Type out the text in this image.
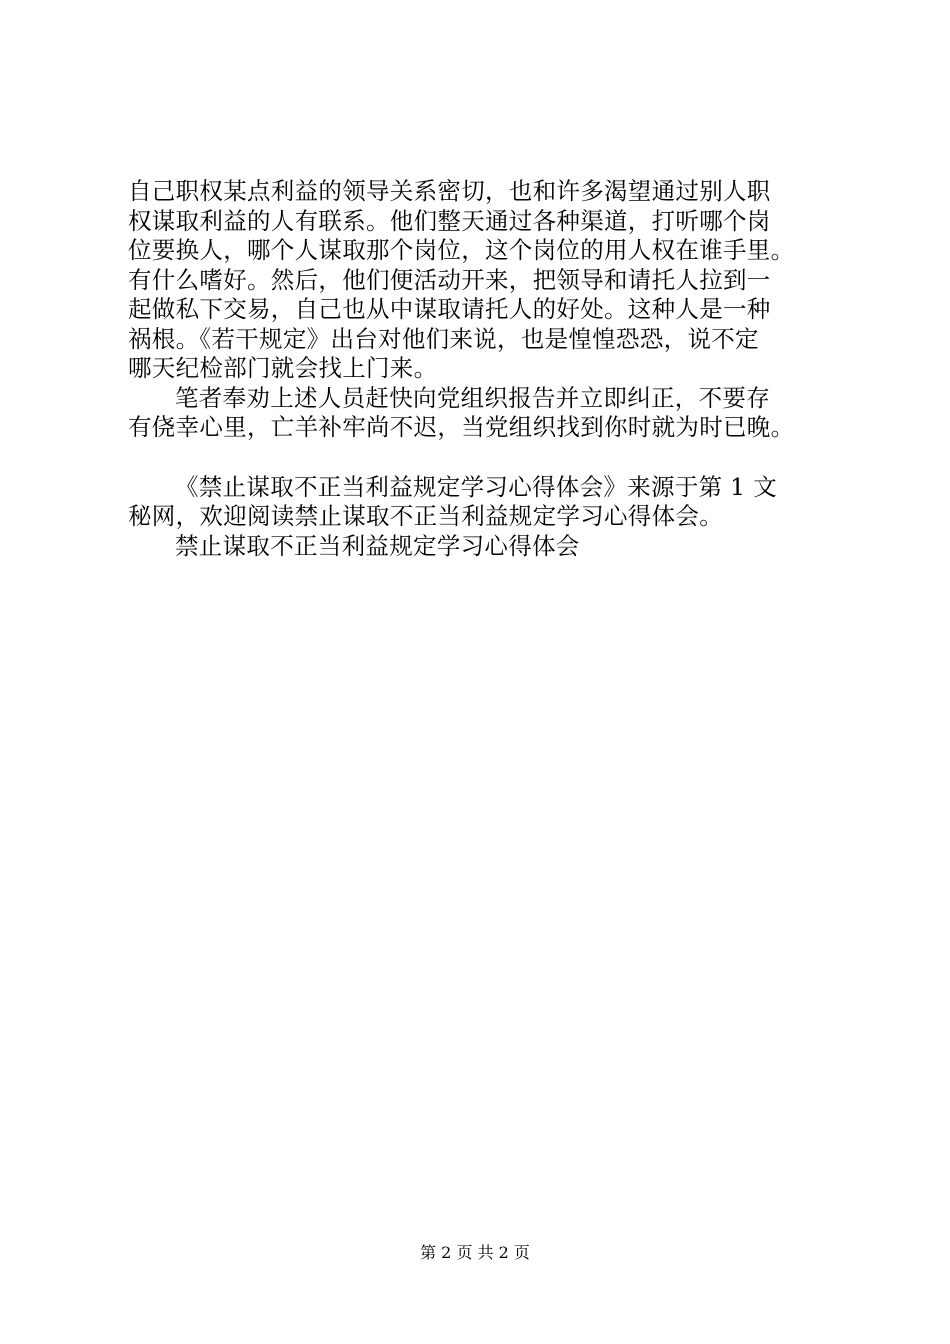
自己职权某点利益的领导关系密切，也和许多渴望通过别人职
权谋取利益的人有联系。他们整天通过各种渠道，打听哪个岗
位要换人，哪个人谋取那个岗位，这个岗位的用人权在谁手里。
有什么嗜好。然后，他们便活动开来，把领导和请托人拉到一
起做私下交易，自己也从中谋取请托人的好处。这种人是一种
祸根。《若干规定》出台对他们来说，也是惶惶恐恐，说不定
哪天纪检部门就会找上门来。
笔者奉劝上述人员赶快向党组织报告并立即纠正，不要存
有侥幸心里，亡羊补牢尚不迟，当党组织找到你时就为时已晚。
《禁止谋取不正当利益规定学习心得体会》来源于第 1 文
秘网，欢迎阅读禁止谋取不正当利益规定学习心得体会。
禁止谋取不正当利益规定学习心得体会
第 2 页 共 2 页
